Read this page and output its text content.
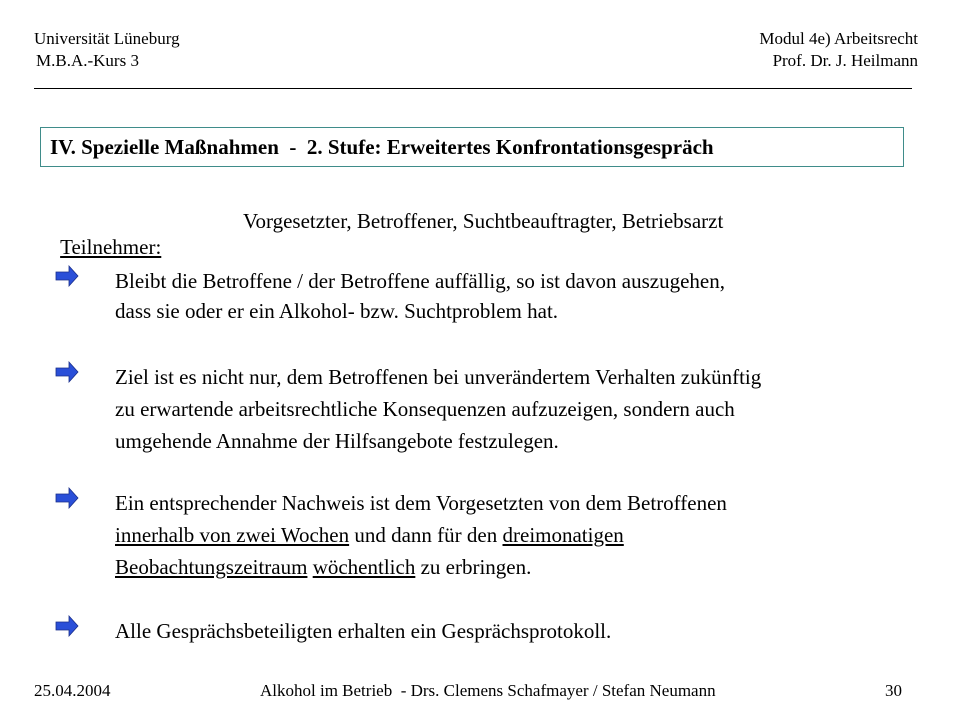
Universität Lüneburg
M.B.A.-Kurs 3
Modul 4e) Arbeitsrecht
Prof. Dr. J. Heilmann
IV. Spezielle Maßnahmen  -  2. Stufe: Erweitertes Konfrontationsgespräch

Teilnehmer:

Vorgesetzter, Betroffener, Suchtbeauftragter, Betriebsarzt
Bleibt die Betroffene / der Betroffene auffällig, so ist davon auszugehen,
dass sie oder er ein Alkohol- bzw. Suchtproblem hat.
Ziel ist es nicht nur, dem Betroffenen bei unverändertem Verhalten zukünftig
zu erwartende arbeitsrechtliche Konsequenzen aufzuzeigen, sondern auch
umgehende Annahme der Hilfsangebote festzulegen.
Ein entsprechender Nachweis ist dem Vorgesetzten von dem Betroffenen
innerhalb von zwei Wochen und dann für den dreimonatigen
Beobachtungszeitraum wöchentlich zu erbringen.
Alle Gesprächsbeteiligten erhalten ein Gesprächsprotokoll.
25.04.2004	Alkohol im Betrieb  - Drs. Clemens Schafmayer / Stefan Neumann	30
